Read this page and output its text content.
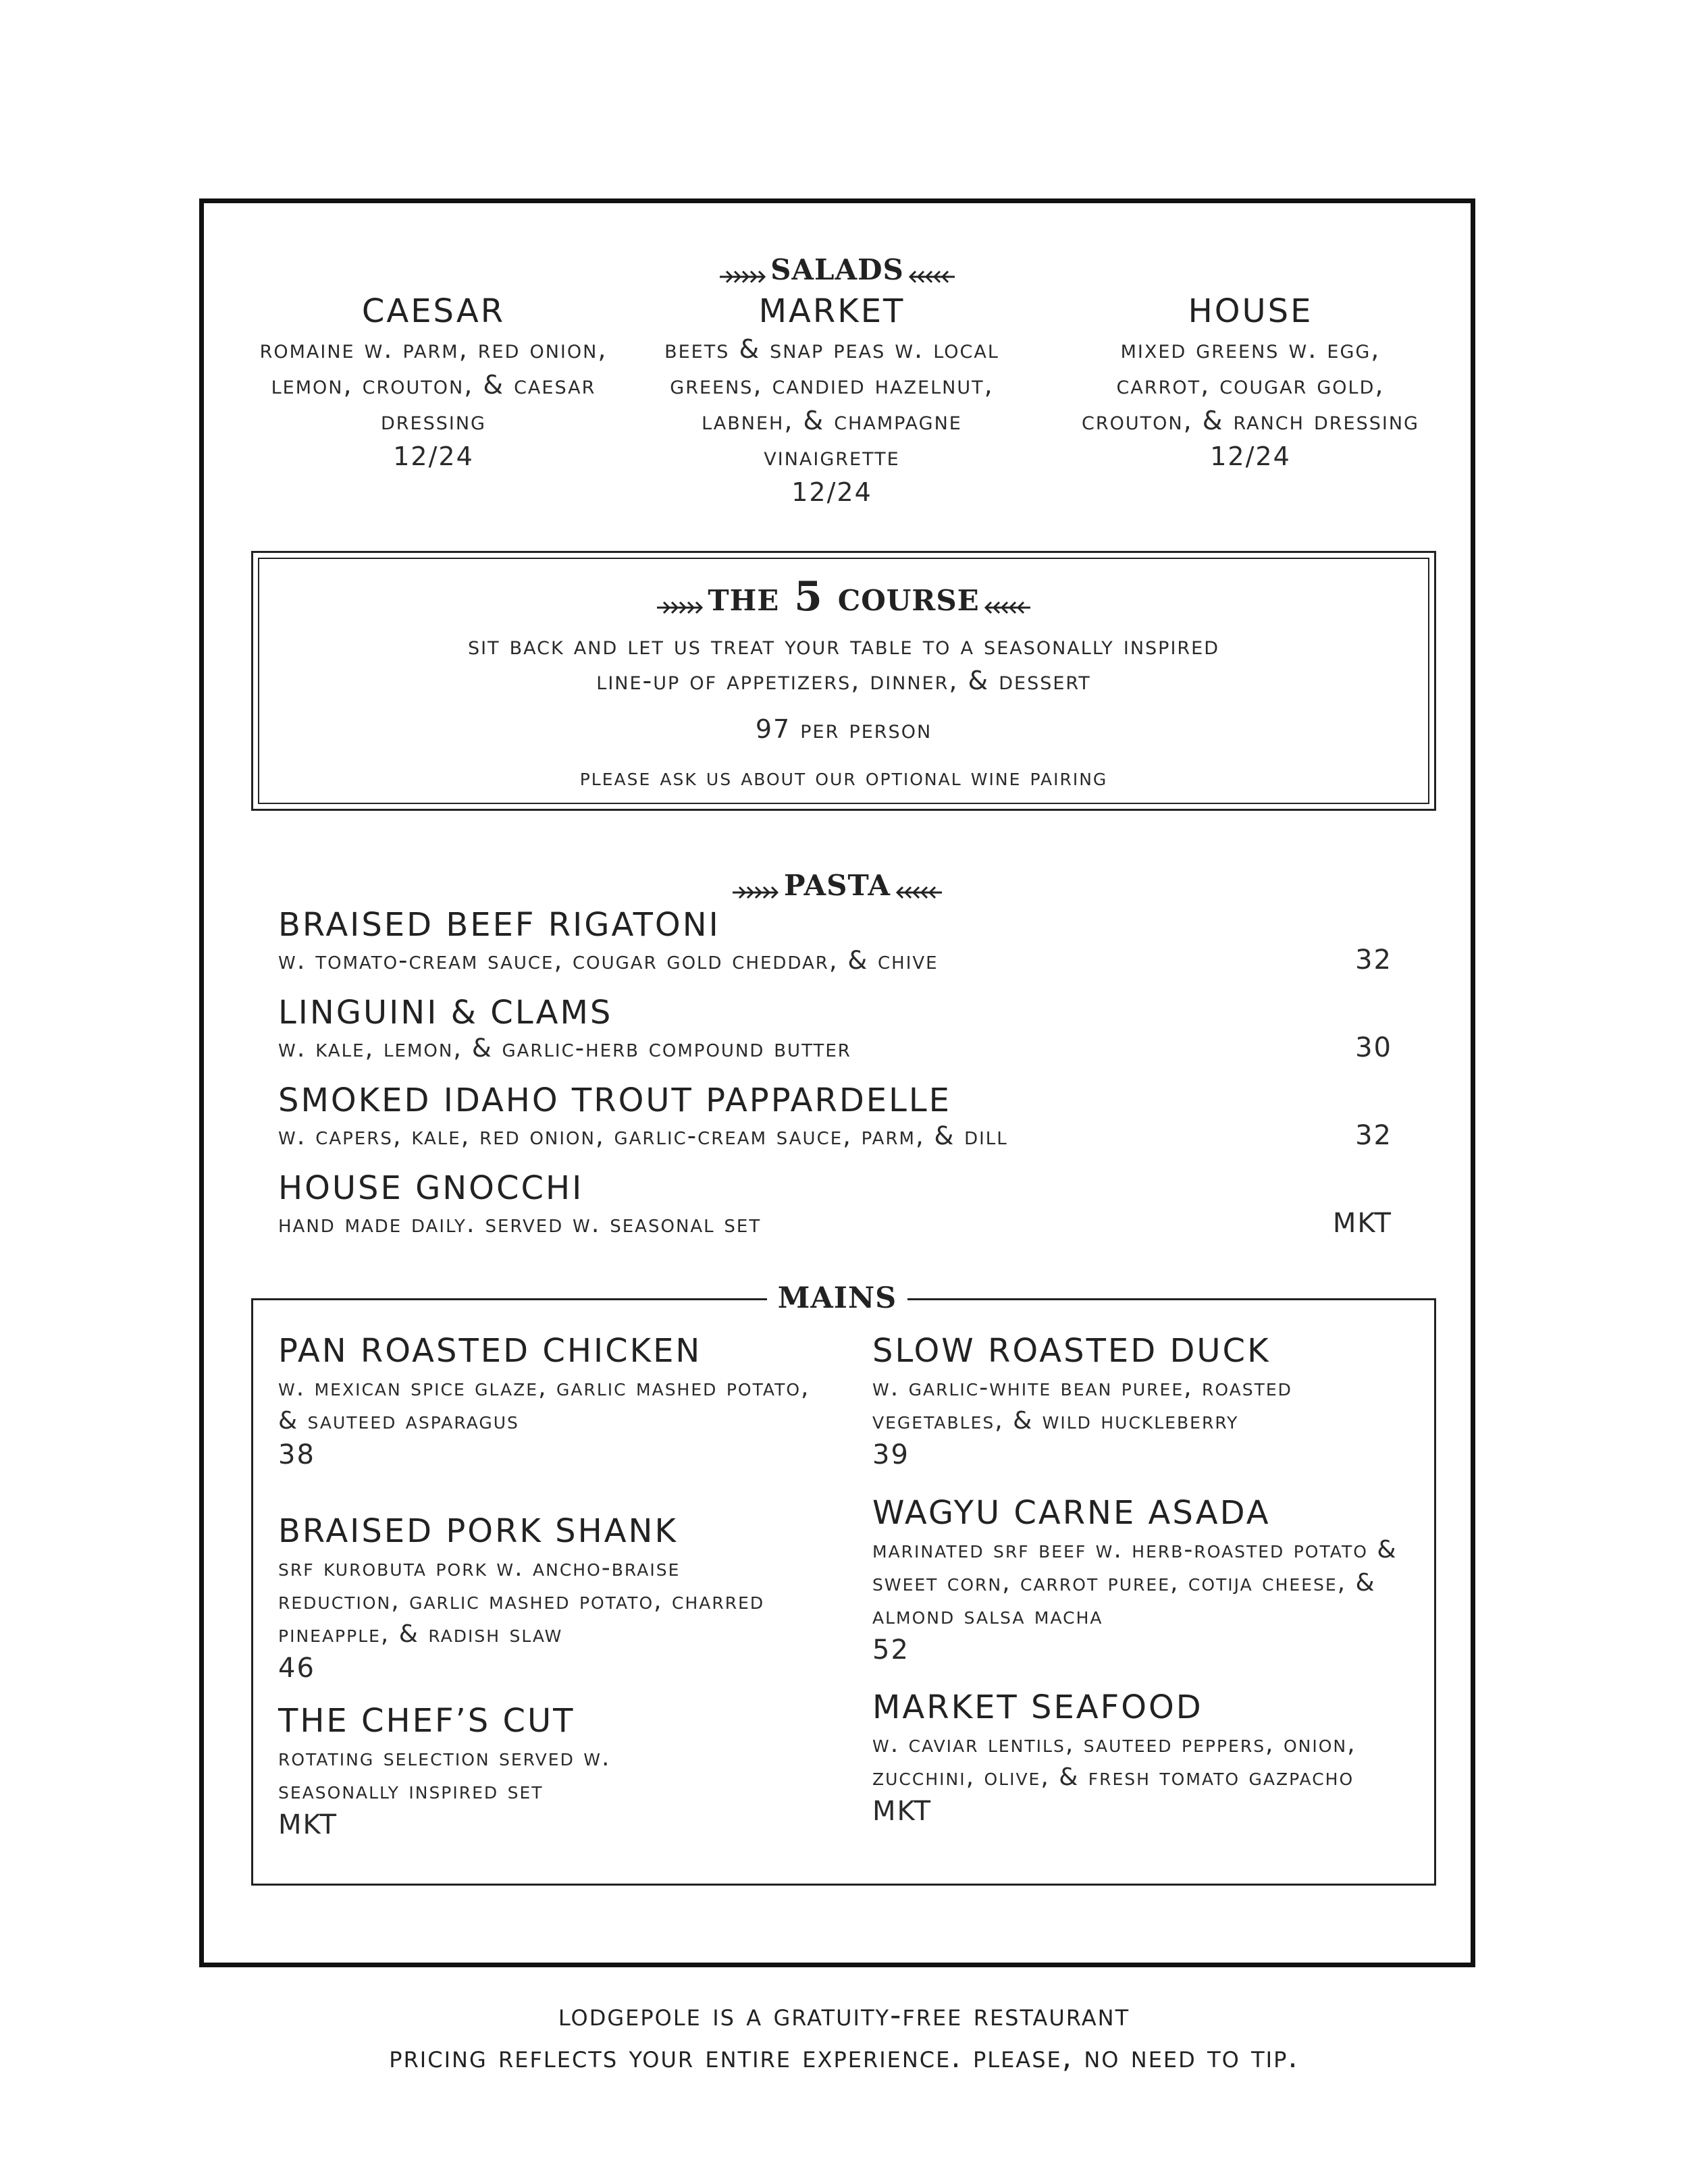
salads
CAESAR
romaine w. parm, red onion, lemon, crouton, & caesar dressing
12/24
MARKET
beets & snap peas w. local greens, candied hazelnut, labneh, & champagne vinaigrette
12/24
HOUSE
mixed greens w. egg, carrot, cougar gold, crouton, & ranch dressing
12/24
the 5 course
sit back and let us treat your table to a seasonally inspired
line-up of appetizers, dinner, & dessert
97 per person
please ask us about our optional wine pairing
pasta
BRAISED BEEF RIGATONI
w. tomato-cream sauce, cougar gold cheddar, & chive	32
LINGUINI & CLAMS
w. kale, lemon, & garlic-herb compound butter	30
SMOKED IDAHO TROUT PAPPARDELLE
w. capers, kale, red onion, garlic-cream sauce, parm, & dill	32
HOUSE GNOCCHI
hand made daily. served w. seasonal set	MKT
mains
PAN ROASTED CHICKEN
w. mexican spice glaze, garlic mashed potato, & sauteed asparagus
38
SLOW ROASTED DUCK
w. garlic-white bean puree, roasted vegetables, & wild huckleberry
39
BRAISED PORK SHANK
srf kurobuta pork w. ancho-braise reduction, garlic mashed potato, charred pineapple, & radish slaw
46
WAGYU CARNE ASADA
marinated srf beef w. herb-roasted potato & sweet corn, carrot puree, cotija cheese, & almond salsa macha
52
THE CHEF’S CUT
rotating selection served w. seasonally inspired set
MKT
MARKET SEAFOOD
w. caviar lentils, sauteed peppers, onion, zucchini, olive, & fresh tomato gazpacho
MKT
lodgepole is a gratuity-free restaurant
pricing reflects your entire experience. please, no need to tip.
